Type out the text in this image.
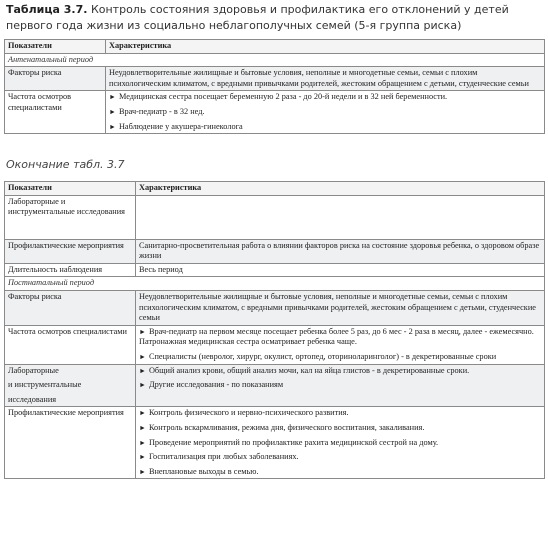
Таблица 3.7. Контроль состояния здоровья и профилактика его отклонений у детей первого года жизни из социально неблагополучных семей (5-я группа риска)
Показатели	Характеристика
Антенатальный период	
Факторы риска	Неудовлетворительные жилищные и бытовые условия, неполные и многодетные семьи, семьи с плохим психологическим климатом, с вредными привычками родителей, жестоким обращением с детьми, студенческие семьи
Частота осмотров специалистами	► Медицинская сестра посещает беременную 2 раза - до 20-й недели и в 32 ней беременности.
► Врач-педиатр - в 32 нед.
► Наблюдение у акушера-гинеколога
Окончание табл. 3.7
Показатели	Характеристика
Лабораторные и инструментальные исследования	
Профилактические мероприятия	Санитарно-просветительная работа о влиянии факторов риска на состояние здоровья ребенка, о здоровом образе жизни
Длительность наблюдения	Весь период
Постнатальный период	
Факторы риска	Неудовлетворительные жилищные и бытовые условия, неполные и многодетные семьи, семьи с плохим психологическим климатом, с вредными привычками родителей, жестоким обращением с детьми, студенческие семьи
Частота осмотров специалистами	► Врач-педиатр на первом месяце посещает ребенка более 5 раз, до 6 мес - 2 раза в месяц, далее - ежемесячно. Патронажная медицинская сестра осматривает ребенка чаще.
► Специалисты (невролог, хирург, окулист, ортопед, оториноларинголог) - в декретированные сроки

Лабораторные
и инструментальные
исследования	► Общий анализ крови, общий анализ мочи, кал на яйца глистов - в декретированные сроки.
► Другие исследования - по показаниям

Профилактические мероприятия	► Контроль физического и нервно-психического развития.
► Контроль вскармливания, режима дня, физического воспитания, закаливания.
► Проведение мероприятий по профилактике рахита медицинской сестрой на дому.
► Госпитализация при любых заболеваниях.
► Внеплановые выходы в семью.
